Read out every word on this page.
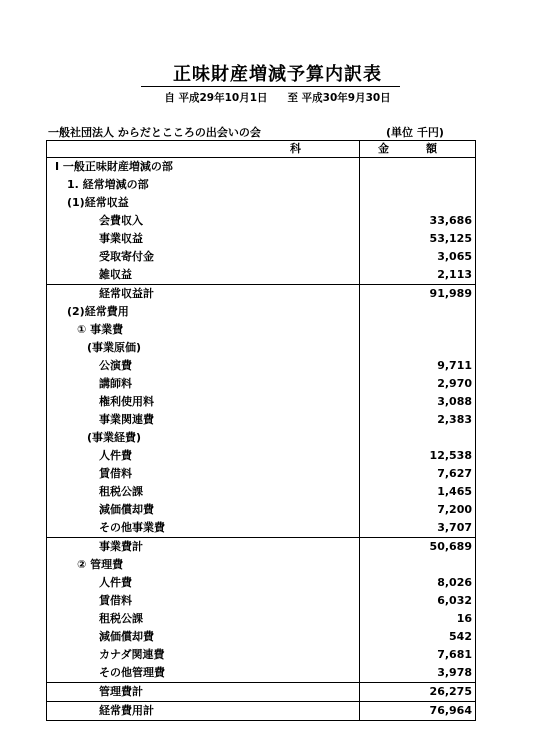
正味財産増減予算内訳表
自 平成29年10月1日 至 平成30年9月30日
一般社団法人 からだとこころの出会いの会	(単位 千円)
科	金 額
Ⅰ 一般正味財産増減の部	
1. 経常増減の部	
(1)経常収益	
会費収入	33,686
事業収益	53,125
受取寄付金	3,065
雑収益	2,113
経常収益計	91,989
(2)経常費用	
① 事業費	
(事業原価)	
公演費	9,711
講師料	2,970
権利使用料	3,088
事業関連費	2,383
(事業経費)	
人件費	12,538
賃借料	7,627
租税公課	1,465
減価償却費	7,200
その他事業費	3,707
事業費計	50,689
② 管理費	
人件費	8,026
賃借料	6,032
租税公課	16
減価償却費	542
カナダ関連費	7,681
その他管理費	3,978
管理費計	26,275
経常費用計	76,964
